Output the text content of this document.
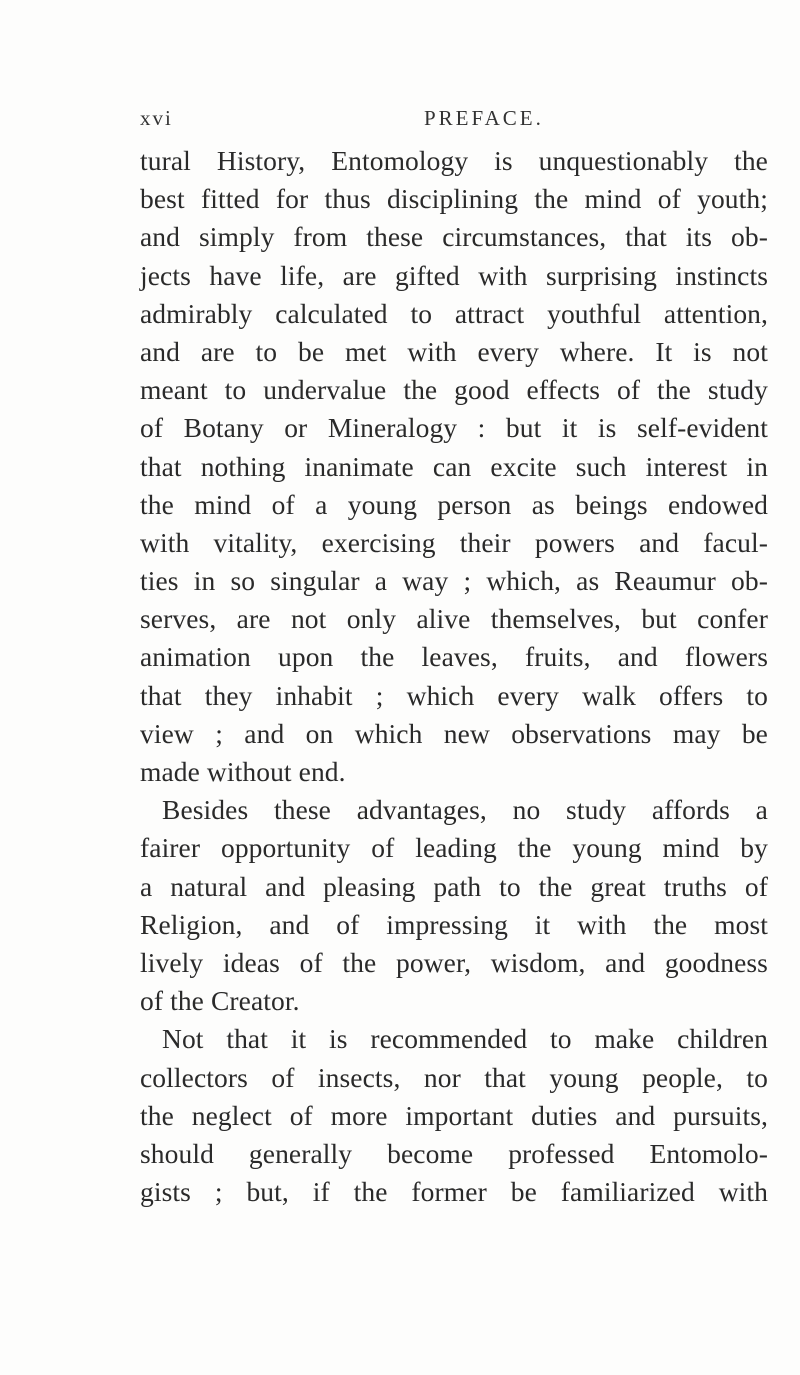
xvi	PREFACE.
tural History, Entomology is unquestionably the
best fitted for thus disciplining the mind of youth;
and simply from these circumstances, that its ob-
jects have life, are gifted with surprising instincts
admirably calculated to attract youthful attention,
and are to be met with every where. It is not
meant to undervalue the good effects of the study
of Botany or Mineralogy : but it is self-evident
that nothing inanimate can excite such interest in
the mind of a young person as beings endowed
with vitality, exercising their powers and facul-
ties in so singular a way ; which, as Reaumur ob-
serves, are not only alive themselves, but confer
animation upon the leaves, fruits, and flowers
that they inhabit ; which every walk offers to
view ; and on which new observations may be
made without end.
Besides these advantages, no study affords a
fairer opportunity of leading the young mind by
a natural and pleasing path to the great truths of
Religion, and of impressing it with the most
lively ideas of the power, wisdom, and goodness
of the Creator.
Not that it is recommended to make children
collectors of insects, nor that young people, to
the neglect of more important duties and pursuits,
should generally become professed Entomolo-
gists ; but, if the former be familiarized with
